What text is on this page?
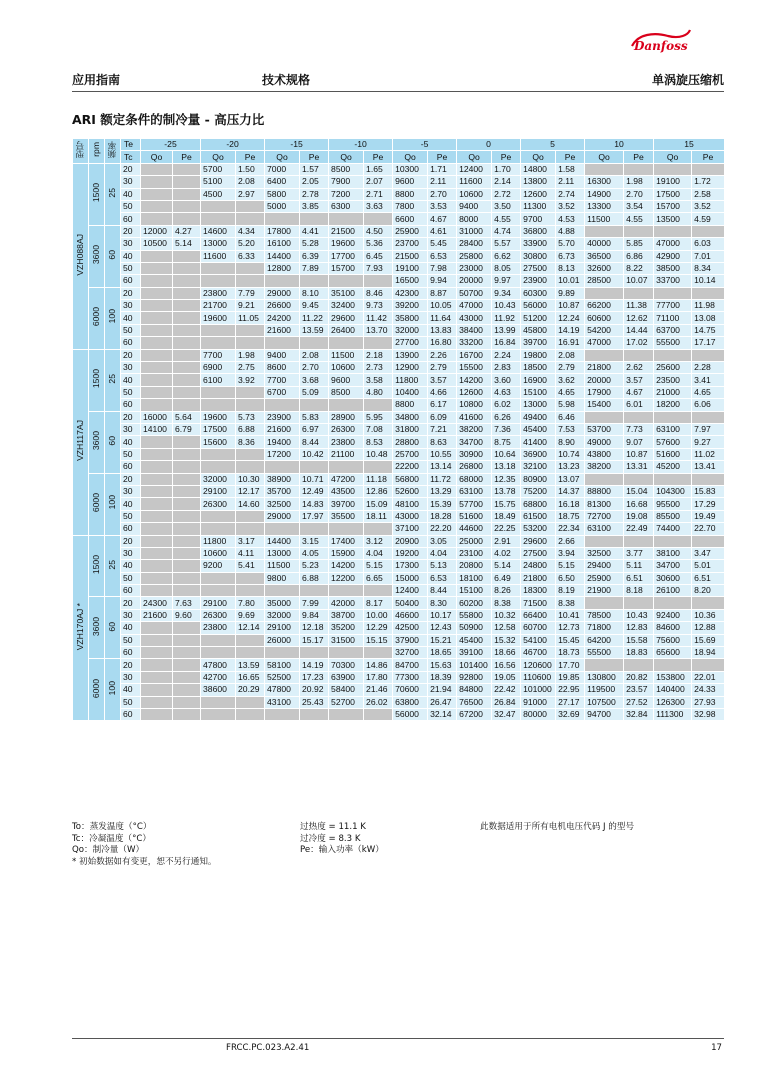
Danfoss
应用指南	技术规格	单涡旋压缩机
ARI 额定条件的制冷量 - 高压力比
型号	rpm	频率	Te	-25		-20		-15		-10		-5		0		5		10		15	
			Tc	Qo	Pe	Qo	Pe	Qo	Pe	Qo	Pe	Qo	Pe	Qo	Pe	Qo	Pe	Qo	Pe	Qo	Pe
VZH088AJ	1500	25	20			5700	1.50	7000	1.57	8500	1.65	10300	1.71	12400	1.70	14800	1.58				
			30			5100	2.08	6400	2.05	7900	2.07	9600	2.11	11600	2.14	13800	2.11	16300	1.98	19100	1.72
			40			4500	2.97	5800	2.78	7200	2.71	8800	2.70	10600	2.72	12600	2.74	14900	2.70	17500	2.58
			50					5000	3.85	6300	3.63	7800	3.53	9400	3.50	11300	3.52	13300	3.54	15700	3.52
			60									6600	4.67	8000	4.55	9700	4.53	11500	4.55	13500	4.59
	3600	60	20	12000	4.27	14600	4.34	17800	4.41	21500	4.50	25900	4.61	31000	4.74	36800	4.88				
			30	10500	5.14	13000	5.20	16100	5.28	19600	5.36	23700	5.45	28400	5.57	33900	5.70	40000	5.85	47000	6.03
			40			11600	6.33	14400	6.39	17700	6.45	21500	6.53	25800	6.62	30800	6.73	36500	6.86	42900	7.01
			50					12800	7.89	15700	7.93	19100	7.98	23000	8.05	27500	8.13	32600	8.22	38500	8.34
			60									16500	9.94	20000	9.97	23900	10.01	28500	10.07	33700	10.14
	6000	100	20			23800	7.79	29000	8.10	35100	8.46	42300	8.87	50700	9.34	60300	9.89				
			30			21700	9.21	26600	9.45	32400	9.73	39200	10.05	47000	10.43	56000	10.87	66200	11.38	77700	11.98
			40			19600	11.05	24200	11.22	29600	11.42	35800	11.64	43000	11.92	51200	12.24	60600	12.62	71100	13.08
			50					21600	13.59	26400	13.70	32000	13.83	38400	13.99	45800	14.19	54200	14.44	63700	14.75
			60									27700	16.80	33200	16.84	39700	16.91	47000	17.02	55500	17.17
VZH117AJ	1500	25	20			7700	1.98	9400	2.08	11500	2.18	13900	2.26	16700	2.24	19800	2.08				
			30			6900	2.75	8600	2.70	10600	2.73	12900	2.79	15500	2.83	18500	2.79	21800	2.62	25600	2.28
			40			6100	3.92	7700	3.68	9600	3.58	11800	3.57	14200	3.60	16900	3.62	20000	3.57	23500	3.41
			50					6700	5.09	8500	4.80	10400	4.66	12600	4.63	15100	4.65	17900	4.67	21000	4.65
			60									8800	6.17	10800	6.02	13000	5.98	15400	6.01	18200	6.06
	3600	60	20	16000	5.64	19600	5.73	23900	5.83	28900	5.95	34800	6.09	41600	6.26	49400	6.46				
			30	14100	6.79	17500	6.88	21600	6.97	26300	7.08	31800	7.21	38200	7.36	45400	7.53	53700	7.73	63100	7.97
			40			15600	8.36	19400	8.44	23800	8.53	28800	8.63	34700	8.75	41400	8.90	49000	9.07	57600	9.27
			50					17200	10.42	21100	10.48	25700	10.55	30900	10.64	36900	10.74	43800	10.87	51600	11.02
			60									22200	13.14	26800	13.18	32100	13.23	38200	13.31	45200	13.41
	6000	100	20			32000	10.30	38900	10.71	47200	11.18	56800	11.72	68000	12.35	80900	13.07				
			30			29100	12.17	35700	12.49	43500	12.86	52600	13.29	63100	13.78	75200	14.37	88800	15.04	104300	15.83
			40			26300	14.60	32500	14.83	39700	15.09	48100	15.39	57700	15.75	68800	16.18	81300	16.68	95500	17.29
			50					29000	17.97	35500	18.11	43000	18.28	51600	18.49	61500	18.75	72700	19.08	85500	19.49
			60									37100	22.20	44600	22.25	53200	22.34	63100	22.49	74400	22.70
VZH170AJ *	1500	25	20			11800	3.17	14400	3.15	17400	3.12	20900	3.05	25000	2.91	29600	2.66				
			30			10600	4.11	13000	4.05	15900	4.04	19200	4.04	23100	4.02	27500	3.94	32500	3.77	38100	3.47
			40			9200	5.41	11500	5.23	14200	5.15	17300	5.13	20800	5.14	24800	5.15	29400	5.11	34700	5.01
			50					9800	6.88	12200	6.65	15000	6.53	18100	6.49	21800	6.50	25900	6.51	30600	6.51
			60									12400	8.44	15100	8.26	18300	8.19	21900	8.18	26100	8.20
	3600	60	20	24300	7.63	29100	7.80	35000	7.99	42000	8.17	50400	8.30	60200	8.38	71500	8.38				
			30	21600	9.60	26300	9.69	32000	9.84	38700	10.00	46600	10.17	55800	10.32	66400	10.41	78500	10.43	92400	10.36
			40			23800	12.14	29100	12.18	35200	12.29	42500	12.43	50900	12.58	60700	12.73	71800	12.83	84600	12.88
			50					26000	15.17	31500	15.15	37900	15.21	45400	15.32	54100	15.45	64200	15.58	75600	15.69
			60									32700	18.65	39100	18.66	46700	18.73	55500	18.83	65600	18.94
	6000	100	20			47800	13.59	58100	14.19	70300	14.86	84700	15.63	101400	16.56	120600	17.70				
			30			42700	16.65	52500	17.23	63900	17.80	77300	18.39	92800	19.05	110600	19.85	130800	20.82	153800	22.01
			40			38600	20.29	47800	20.92	58400	21.46	70600	21.94	84800	22.42	101000	22.95	119500	23.57	140400	24.33
			50					43100	25.43	52700	26.02	63800	26.47	76500	26.84	91000	27.17	107500	27.52	126300	27.93
			60									56000	32.14	67200	32.47	80000	32.69	94700	32.84	111300	32.98
To：蒸发温度（°C）
Tc：冷凝温度（°C）
Qo：制冷量（W）
* 初始数据如有变更，恕不另行通知。
过热度 = 11.1 K
过冷度 = 8.3 K
Pe：输入功率（kW）
此数据适用于所有电机电压代码 J 的型号
FRCC.PC.023.A2.41	17
